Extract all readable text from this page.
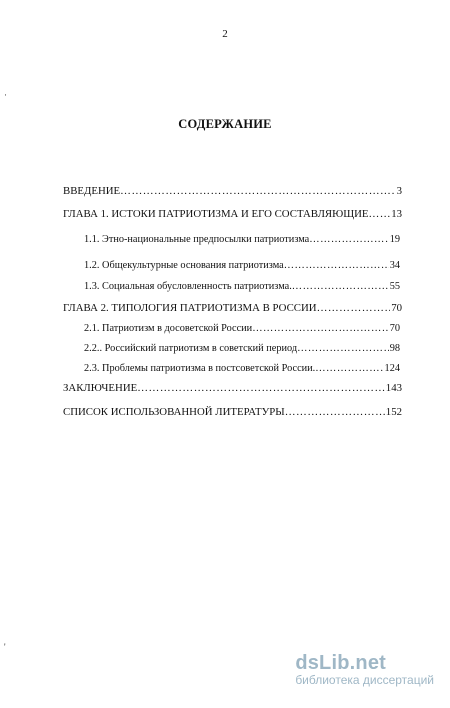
2
·
СОДЕРЖАНИЕ
ВВЕДЕНИЕ …………………………………………………………………………………………………………………………………………………………	3
ГЛАВА 1. ИСТОКИ ПАТРИОТИЗМА И ЕГО СОСТАВЛЯЮЩИЕ ………………………………………………………………………………………………………………………………………………………… 13
1.1. Этно-национальные предпосылки патриотизма …………………………………………………………………………………………………………………………………………………………	19
1.2. Общекультурные основания патриотизма …………………………………………………………………………………………………………………………………………………………	34
1.3. Социальная обусловленность патриотизма. …………………………………………………………………………………………………………………………………………………………	55
ГЛАВА 2. ТИПОЛОГИЯ ПАТРИОТИЗМА В РОССИИ …………………………………………………………………………………………………………………………………………………………	70
2.1. Патриотизм в досоветской России …………………………………………………………………………………………………………………………………………………………	70
2.2.. Российский патриотизм в советский период …………………………………………………………………………………………………………………………………………………………	98
2.3. Проблемы патриотизма в постсоветской России. …………………………………………………………………………………………………………………………………………………………	124
ЗАКЛЮЧЕНИЕ …………………………………………………………………………………………………………………………………………………………	143
СПИСОК ИСПОЛЬЗОВАННОЙ ЛИТЕРАТУРЫ …………………………………………………………………………………………………………………………………………………………	152
'
dsLib.net
библиотека диссертаций
